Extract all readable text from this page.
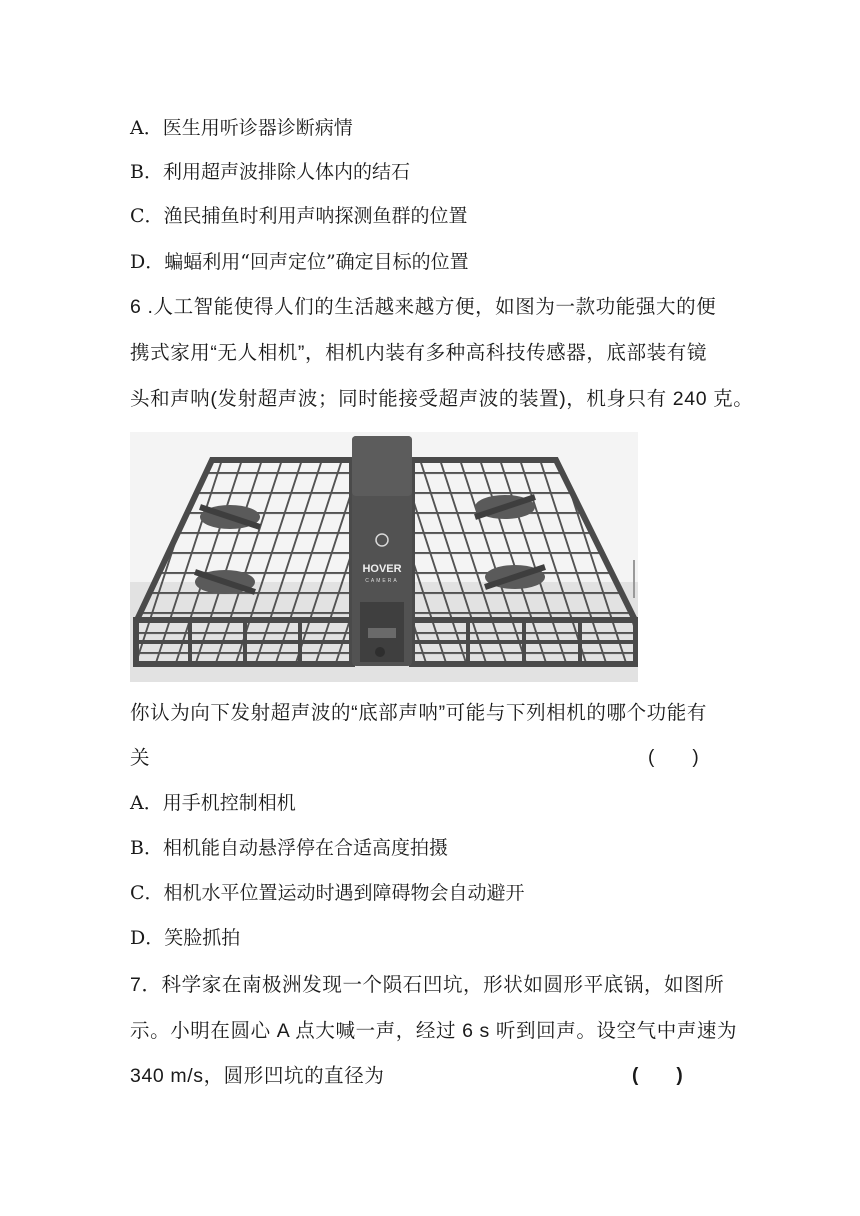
A．医生用听诊器诊断病情
B．利用超声波排除人体内的结石
C．渔民捕鱼时利用声呐探测鱼群的位置
D．蝙蝠利用“回声定位”确定目标的位置
6 .人工智能使得人们的生活越来越方便，如图为一款功能强大的便
携式家用“无人相机”，相机内装有多种高科技传感器，底部装有镜
头和声呐(发射超声波；同时能接受超声波的装置)，机身只有 240 克。
HOVER
CAMERA
你认为向下发射超声波的“底部声呐”可能与下列相机的哪个功能有
关	(　　)
A．用手机控制相机
B．相机能自动悬浮停在合适高度拍摄
C．相机水平位置运动时遇到障碍物会自动避开
D．笑脸抓拍
7．科学家在南极洲发现一个陨石凹坑，形状如圆形平底锅，如图所
示。小明在圆心 A 点大喊一声，经过 6 s 听到回声。设空气中声速为
340 m/s，圆形凹坑的直径为	(　　)
